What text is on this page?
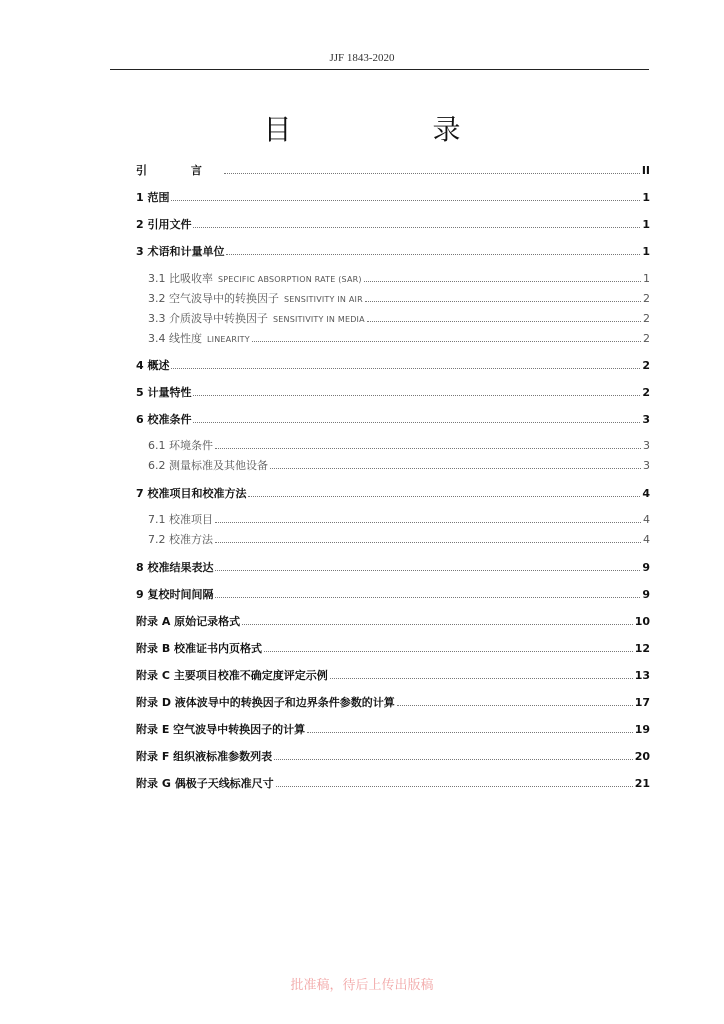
JJF 1843-2020
目 录
引 言	II
1 范围	1
2 引用文件	1
3 术语和计量单位	1
3.1 比吸收率 SPECIFIC ABSORPTION RATE (SAR)	1
3.2 空气波导中的转换因子 SENSITIVITY IN AIR	2
3.3 介质波导中转换因子 SENSITIVITY IN MEDIA	2
3.4 线性度 LINEARITY	2
4 概述	2
5 计量特性	2
6 校准条件	3
6.1 环境条件	3
6.2 测量标准及其他设备	3
7 校准项目和校准方法	4
7.1 校准项目	4
7.2 校准方法	4
8 校准结果表达	9
9 复校时间间隔	9
附录 A 原始记录格式	10
附录 B 校准证书内页格式	12
附录 C 主要项目校准不确定度评定示例	13
附录 D 液体波导中的转换因子和边界条件参数的计算	17
附录 E 空气波导中转换因子的计算	19
附录 F 组织液标准参数列表	20
附录 G 偶极子天线标准尺寸	21
批准稿，待后上传出版稿
